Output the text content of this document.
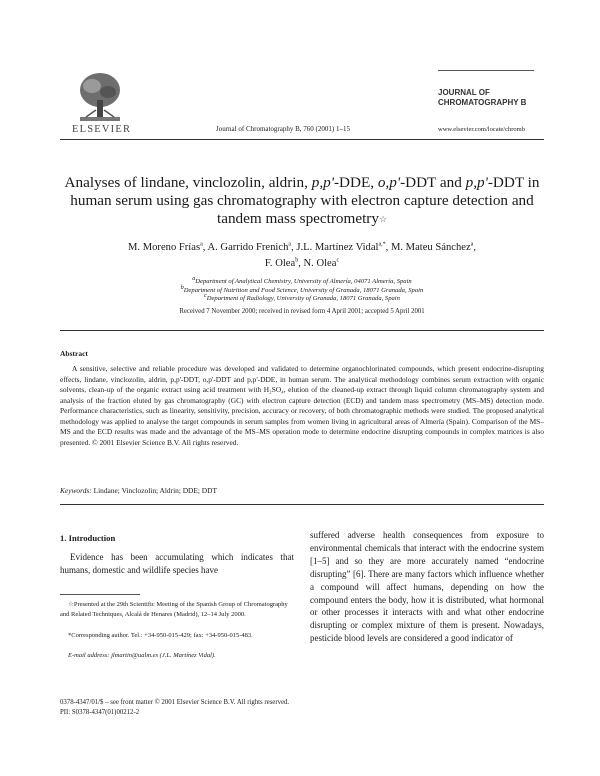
ELSEVIER	Journal of Chromatography B, 760 (2001) 1–15
JOURNAL OF
CHROMATOGRAPHY B
www.elsevier.com/locate/chromb
Analyses of lindane, vinclozolin, aldrin, p,p'-DDE, o,p'-DDT and p,p'-DDT in human serum using gas chromatography with electron capture detection and tandem mass spectrometry☆
M. Moreno Frías$^a$, A. Garrido Frenich$^a$, J.L. Martínez Vidal$^{a,*}$, M. Mateu Sánchez$^a$,
F. Olea$^b$, N. Olea$^c$
$^a$Department of Analytical Chemistry, University of Almería, 04071 Almería, Spain
$^b$Department of Nutrition and Food Science, University of Granada, 18071 Granada, Spain
$^c$Department of Radiology, University of Granada, 18071 Granada, Spain
Received 7 November 2000; received in revised form 4 April 2001; accepted 5 April 2001
Abstract
A sensitive, selective and reliable procedure was developed and validated to determine organochlorinated compounds, which present endocrine-disrupting effects, lindane, vinclozolin, aldrin, p,p'-DDT, o,p'-DDT and p,p'-DDE, in human serum. The analytical methodology combines serum extraction with organic solvents, clean-up of the organic extract using acid treatment with H₂SO₄, elution of the cleaned-up extract through liquid column chromatography system and analysis of the fraction eluted by gas chromatography (GC) with electron capture detection (ECD) and tandem mass spectrometry (MS–MS) detection mode. Performance characteristics, such as linearity, sensitivity, precision, accuracy or recovery, of both chromatographic methods were studied. The proposed analytical methodology was applied to analyse the target compounds in serum samples from women living in agricultural areas of Almería (Spain). Comparison of the MS–MS and the ECD results was made and the advantage of the MS–MS operation mode to determine endocrine disrupting compounds in complex matrices is also presented. © 2001 Elsevier Science B.V. All rights reserved.
Keywords: Lindane; Vinclozolin; Aldrin; DDE; DDT
1. Introduction
Evidence has been accumulating which indicates that humans, domestic and wildlife species have
suffered adverse health consequences from exposure to environmental chemicals that interact with the endocrine system [1–5] and so they are more accurately named “endocrine disrupting” [6]. There are many factors which influence whether a compound will affect humans, depending on how the compound enters the body, how it is distributed, what hormonal or other processes it interacts with and what other endocrine disrupting or complex mixture of them is present. Nowadays, pesticide blood levels are considered a good indicator of
☆Presented at the 29th Scientific Meeting of the Spanish Group of Chromatography and Related Techniques, Alcalá de Henares (Madrid), 12–14 July 2000.
*Corresponding author. Tel.: +34-950-015-429; fax: +34-950-015-483.
E-mail address: jlmartin@ualm.es (J.L. Martínez Vidal).
0378-4347/01/$ – see front matter © 2001 Elsevier Science B.V. All rights reserved.
PII: S0378-4347(01)00212-2
